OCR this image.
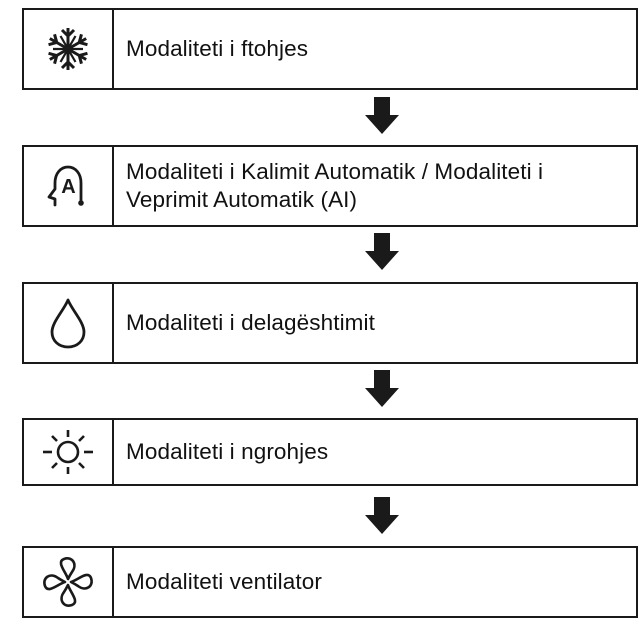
Modaliteti i ftohjes
A
Modaliteti i Kalimit Automatik / Modaliteti i Veprimit Automatik (AI)
Modaliteti i delagështimit
Modaliteti i ngrohjes
Modaliteti ventilator
